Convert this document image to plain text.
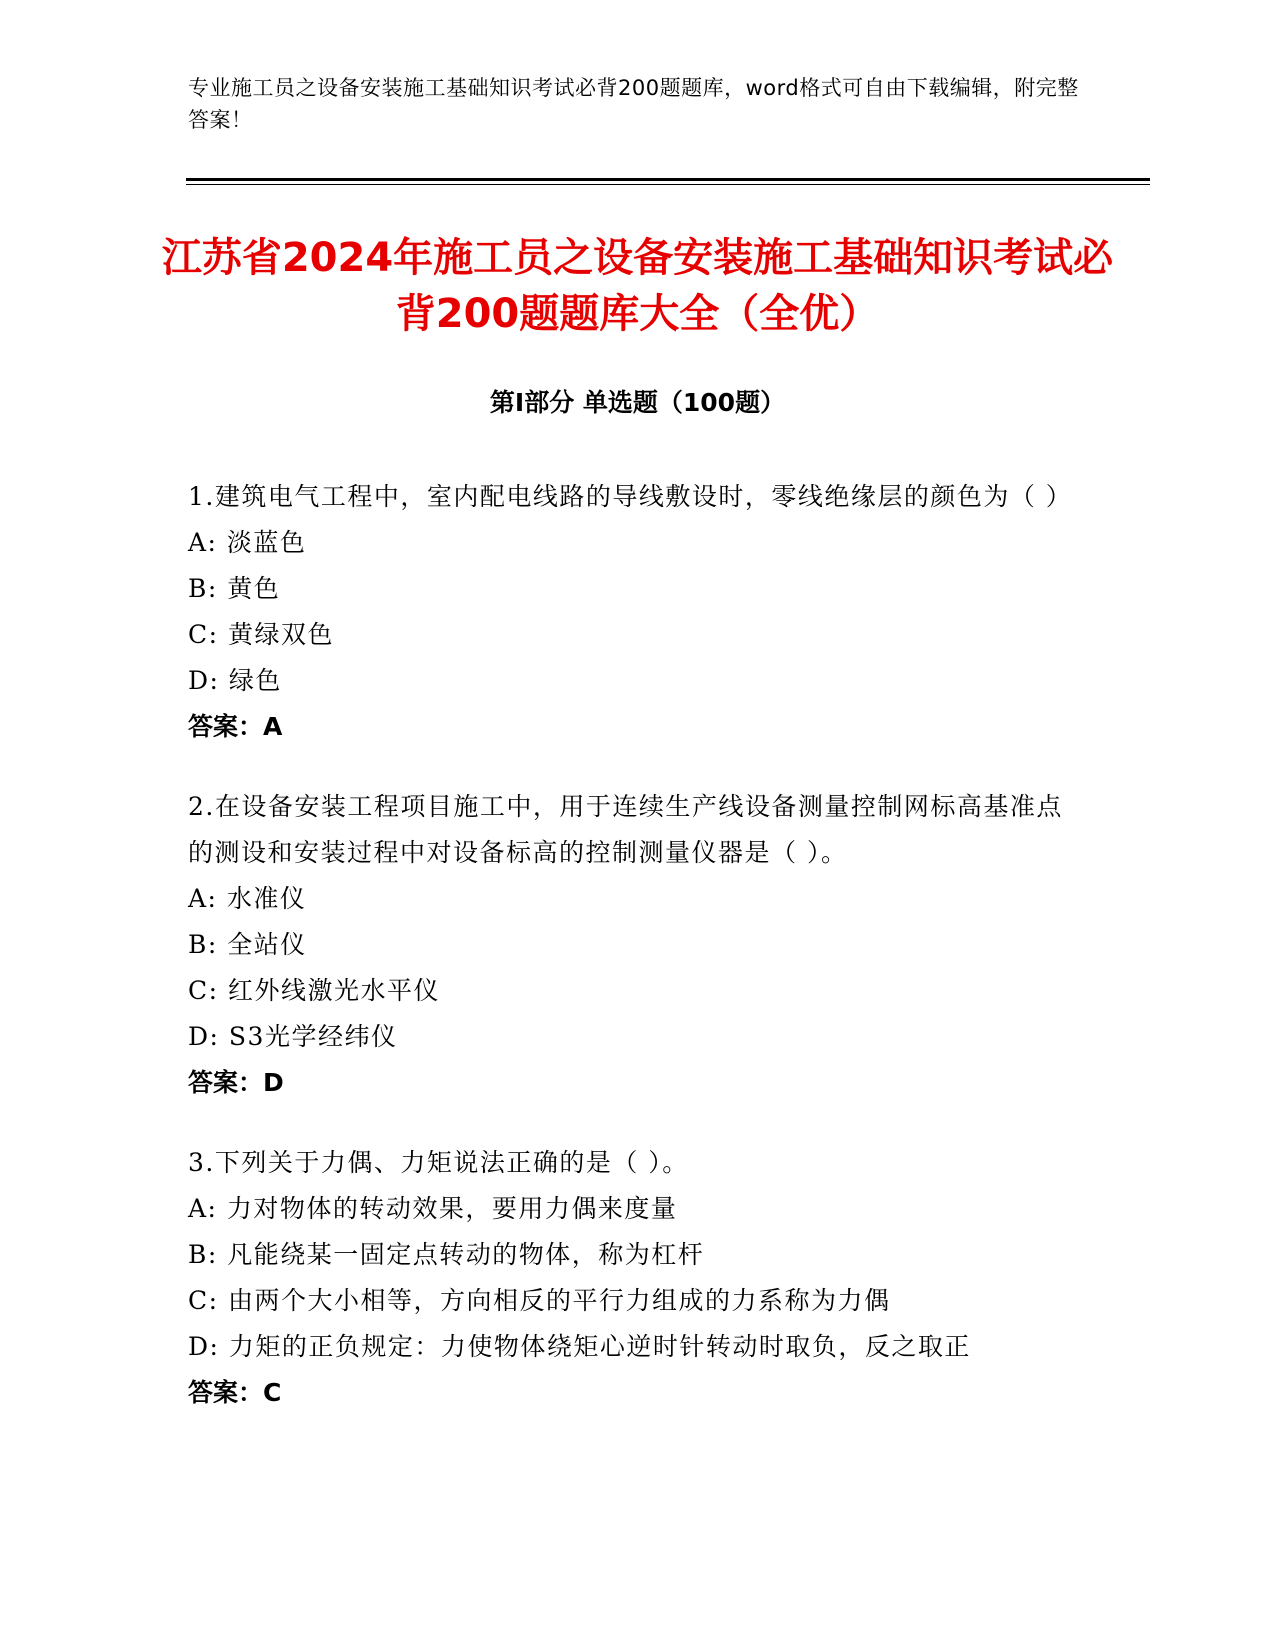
专业施工员之设备安装施工基础知识考试必背200题题库，word格式可自由下载编辑，附完整答案！
江苏省2024年施工员之设备安装施工基础知识考试必背200题题库大全（全优）
第Ⅰ部分 单选题（100题）
1.建筑电气工程中，室内配电线路的导线敷设时，零线绝缘层的颜色为（ ）
A: 淡蓝色
B: 黄色
C: 黄绿双色
D: 绿色
答案：A
2.在设备安装工程项目施工中，用于连续生产线设备测量控制网标高基准点的测设和安装过程中对设备标高的控制测量仪器是（ ）。
A: 水准仪
B: 全站仪
C: 红外线激光水平仪
D: S3光学经纬仪
答案：D
3.下列关于力偶、力矩说法正确的是（ ）。
A: 力对物体的转动效果，要用力偶来度量
B: 凡能绕某一固定点转动的物体，称为杠杆
C: 由两个大小相等，方向相反的平行力组成的力系称为力偶
D: 力矩的正负规定：力使物体绕矩心逆时针转动时取负，反之取正
答案：C
